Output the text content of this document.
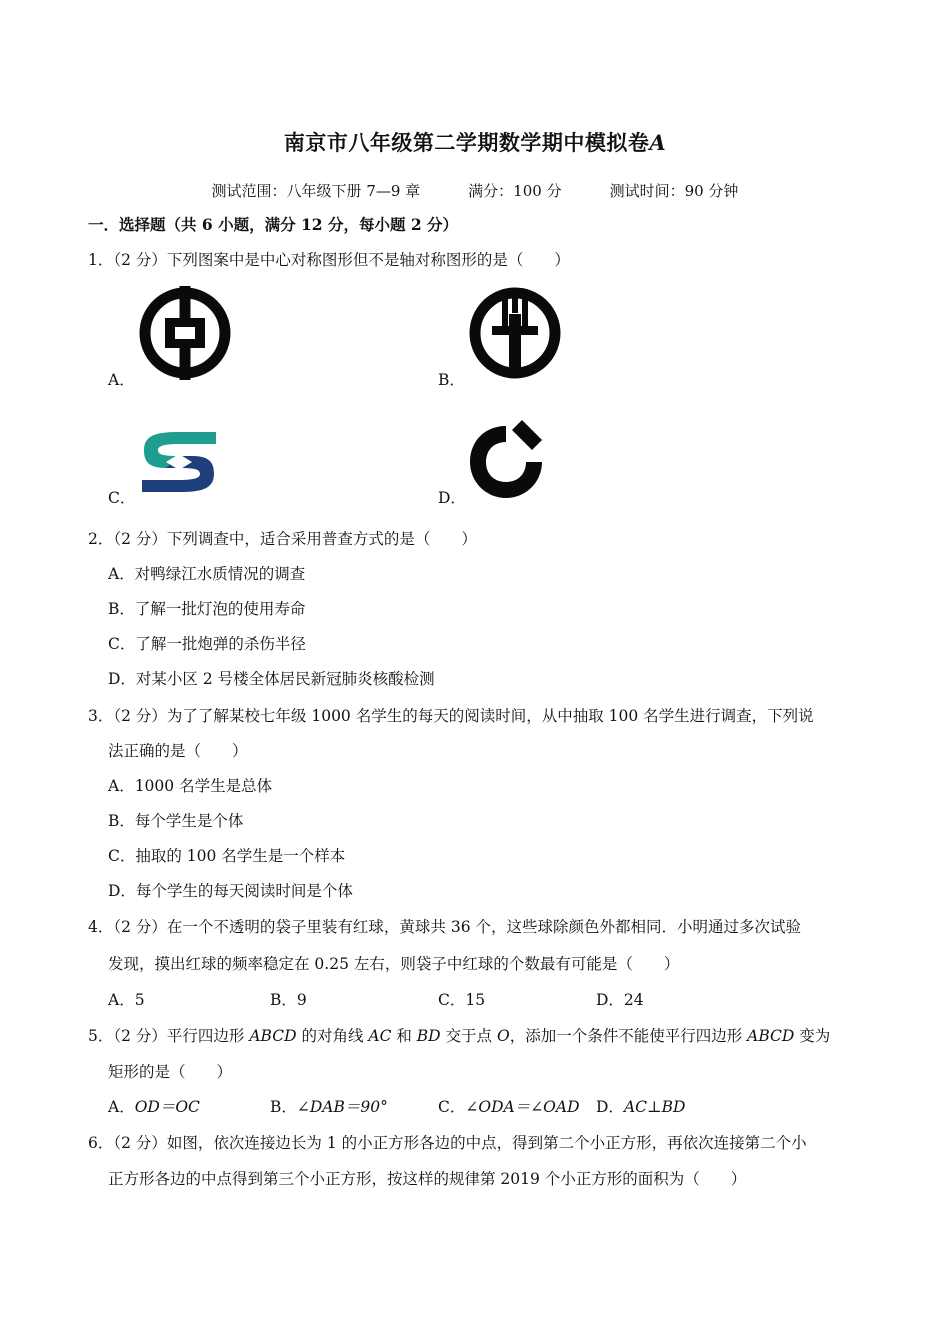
南京市八年级第二学期数学期中模拟卷A
测试范围：八年级下册 7—9 章	满分：100 分	测试时间：90 分钟
一．选择题（共 6 小题，满分 12 分，每小题 2 分）
1．（2 分）下列图案中是中心对称图形但不是轴对称图形的是（　　）
A．	B．
C．	D．
2．（2 分）下列调查中，适合采用普查方式的是（　　）
A．对鸭绿江水质情况的调查
B．了解一批灯泡的使用寿命
C．了解一批炮弹的杀伤半径
D．对某小区 2 号楼全体居民新冠肺炎核酸检测
3．（2 分）为了了解某校七年级 1000 名学生的每天的阅读时间，从中抽取 100 名学生进行调查，下列说
法正确的是（　　）
A．1000 名学生是总体
B．每个学生是个体
C．抽取的 100 名学生是一个样本
D．每个学生的每天阅读时间是个体
4．（2 分）在一个不透明的袋子里装有红球，黄球共 36 个，这些球除颜色外都相同．小明通过多次试验
发现，摸出红球的频率稳定在 0.25 左右，则袋子中红球的个数最有可能是（　　）
A．5	B．9	C．15	D．24
5．（2 分）平行四边形 ABCD 的对角线 AC 和 BD 交于点 O，添加一个条件不能使平行四边形 ABCD 变为
矩形的是（　　）
A．OD＝OC	B．∠DAB＝90°	C．∠ODA＝∠OAD D．AC⊥BD
6．（2 分）如图，依次连接边长为 1 的小正方形各边的中点，得到第二个小正方形，再依次连接第二个小
正方形各边的中点得到第三个小正方形，按这样的规律第 2019 个小正方形的面积为（　　）
